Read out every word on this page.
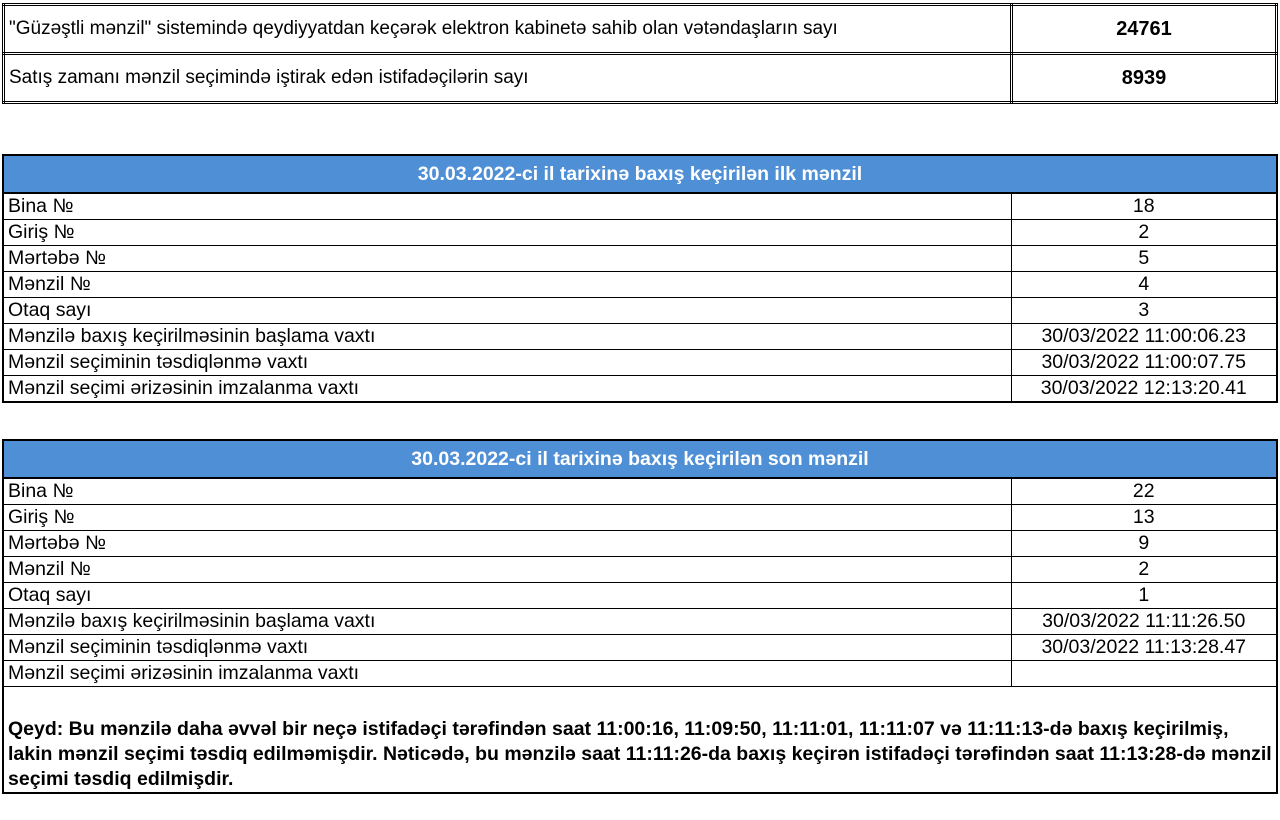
"Güzəştli mənzil" sistemində qeydiyyatdan keçərək elektron kabinetə sahib olan vətəndaşların sayı	24761
Satış zamanı mənzil seçimində iştirak edən istifadəçilərin sayı	8939
30.03.2022-ci il tarixinə baxış keçirilən ilk mənzil	
Bina №	18
Giriş №	2
Mərtəbə №	5
Mənzil №	4
Otaq sayı	3
Mənzilə baxış keçirilməsinin başlama vaxtı	30/03/2022 11:00:06.23
Mənzil seçiminin təsdiqlənmə vaxtı	30/03/2022 11:00:07.75
Mənzil seçimi ərizəsinin imzalanma vaxtı	30/03/2022 12:13:20.41
30.03.2022-ci il tarixinə baxış keçirilən son mənzil	
Bina №	22
Giriş №	13
Mərtəbə №	9
Mənzil №	2
Otaq sayı	1
Mənzilə baxış keçirilməsinin başlama vaxtı	30/03/2022 11:11:26.50
Mənzil seçiminin təsdiqlənmə vaxtı	30/03/2022 11:13:28.47
Mənzil seçimi ərizəsinin imzalanma vaxtı	
Qeyd: Bu mənzilə daha əvvəl bir neçə istifadəçi tərəfindən saat 11:00:16, 11:09:50, 11:11:01, 11:11:07 və 11:11:13-də baxış keçirilmiş, lakin mənzil seçimi təsdiq edilməmişdir. Nəticədə, bu mənzilə saat 11:11:26-da baxış keçirən istifadəçi tərəfindən saat 11:13:28-də mənzil seçimi təsdiq edilmişdir.	
